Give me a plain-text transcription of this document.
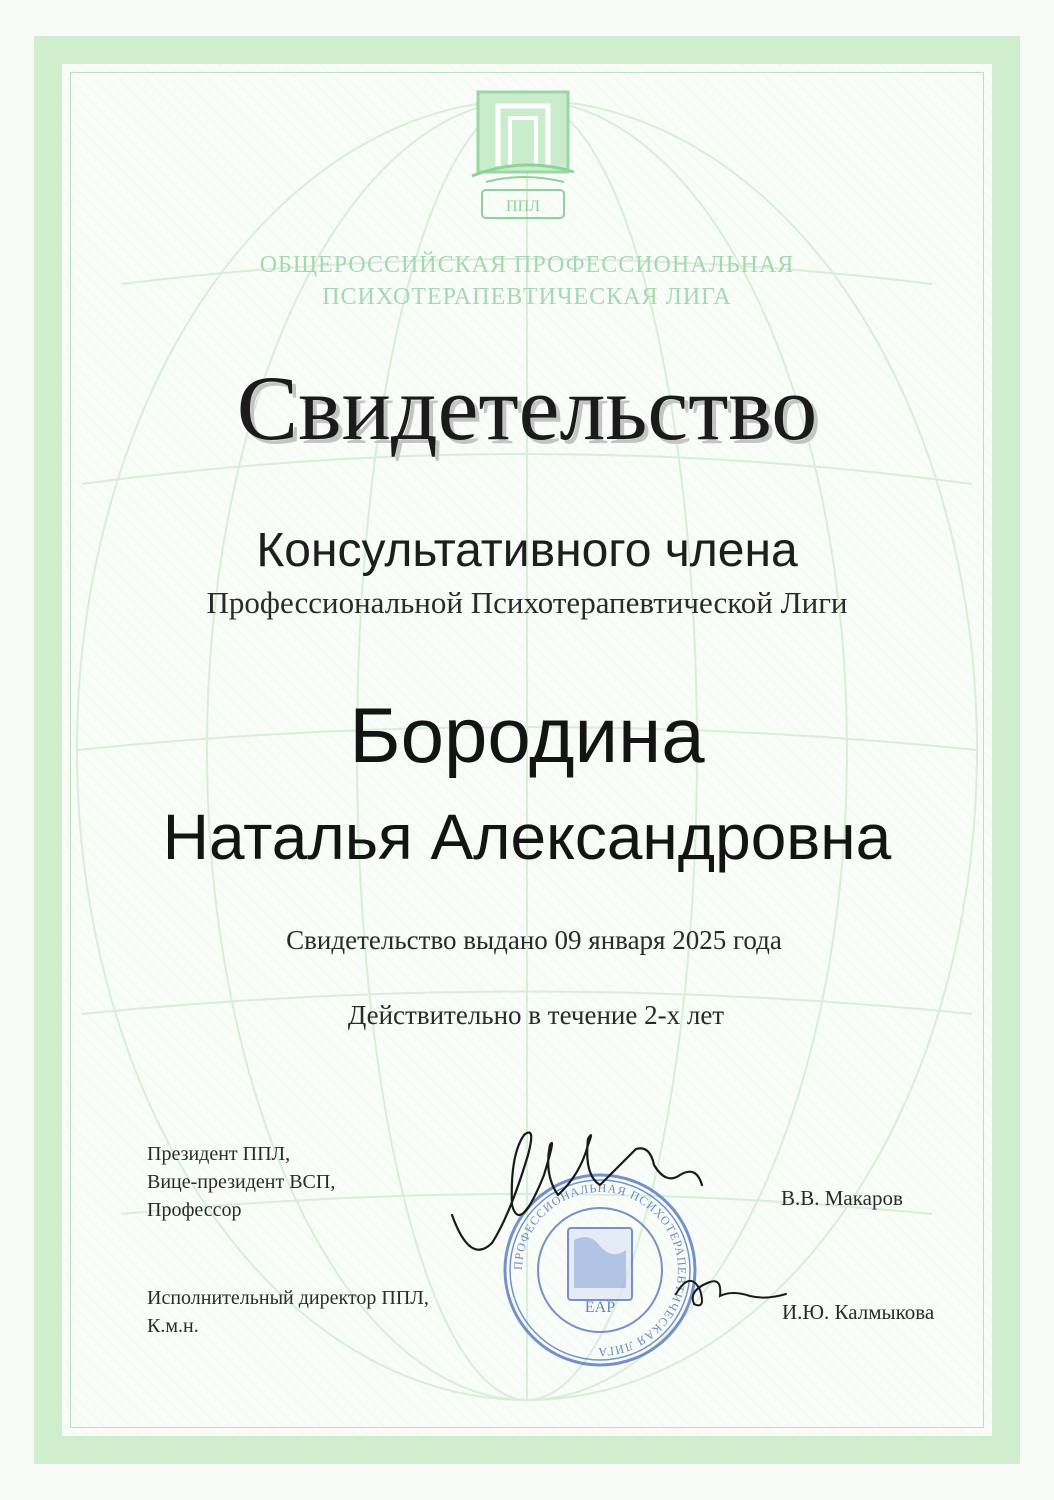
ППЛ
ОБЩЕРОССИЙСКАЯ ПРОФЕССИОНАЛЬНАЯ
ПСИХОТЕРАПЕВТИЧЕСКАЯ ЛИГА
Свидетельство
Консультативного члена
Профессиональной Психотерапевтической Лиги
Бородина
Наталья Александровна
Свидетельство выдано 09 января 2025 года
Действительно в течение 2-х лет
Президент ППЛ,
Вице-президент ВСП,
Профессор	В.В. Макаров
Исполнительный директор ППЛ,
К.м.н.
И.Ю. Калмыкова
ПРОФЕССИОНАЛЬНАЯ ПСИХОТЕРАПЕВТИЧЕСКАЯ ЛИГА
EAP
